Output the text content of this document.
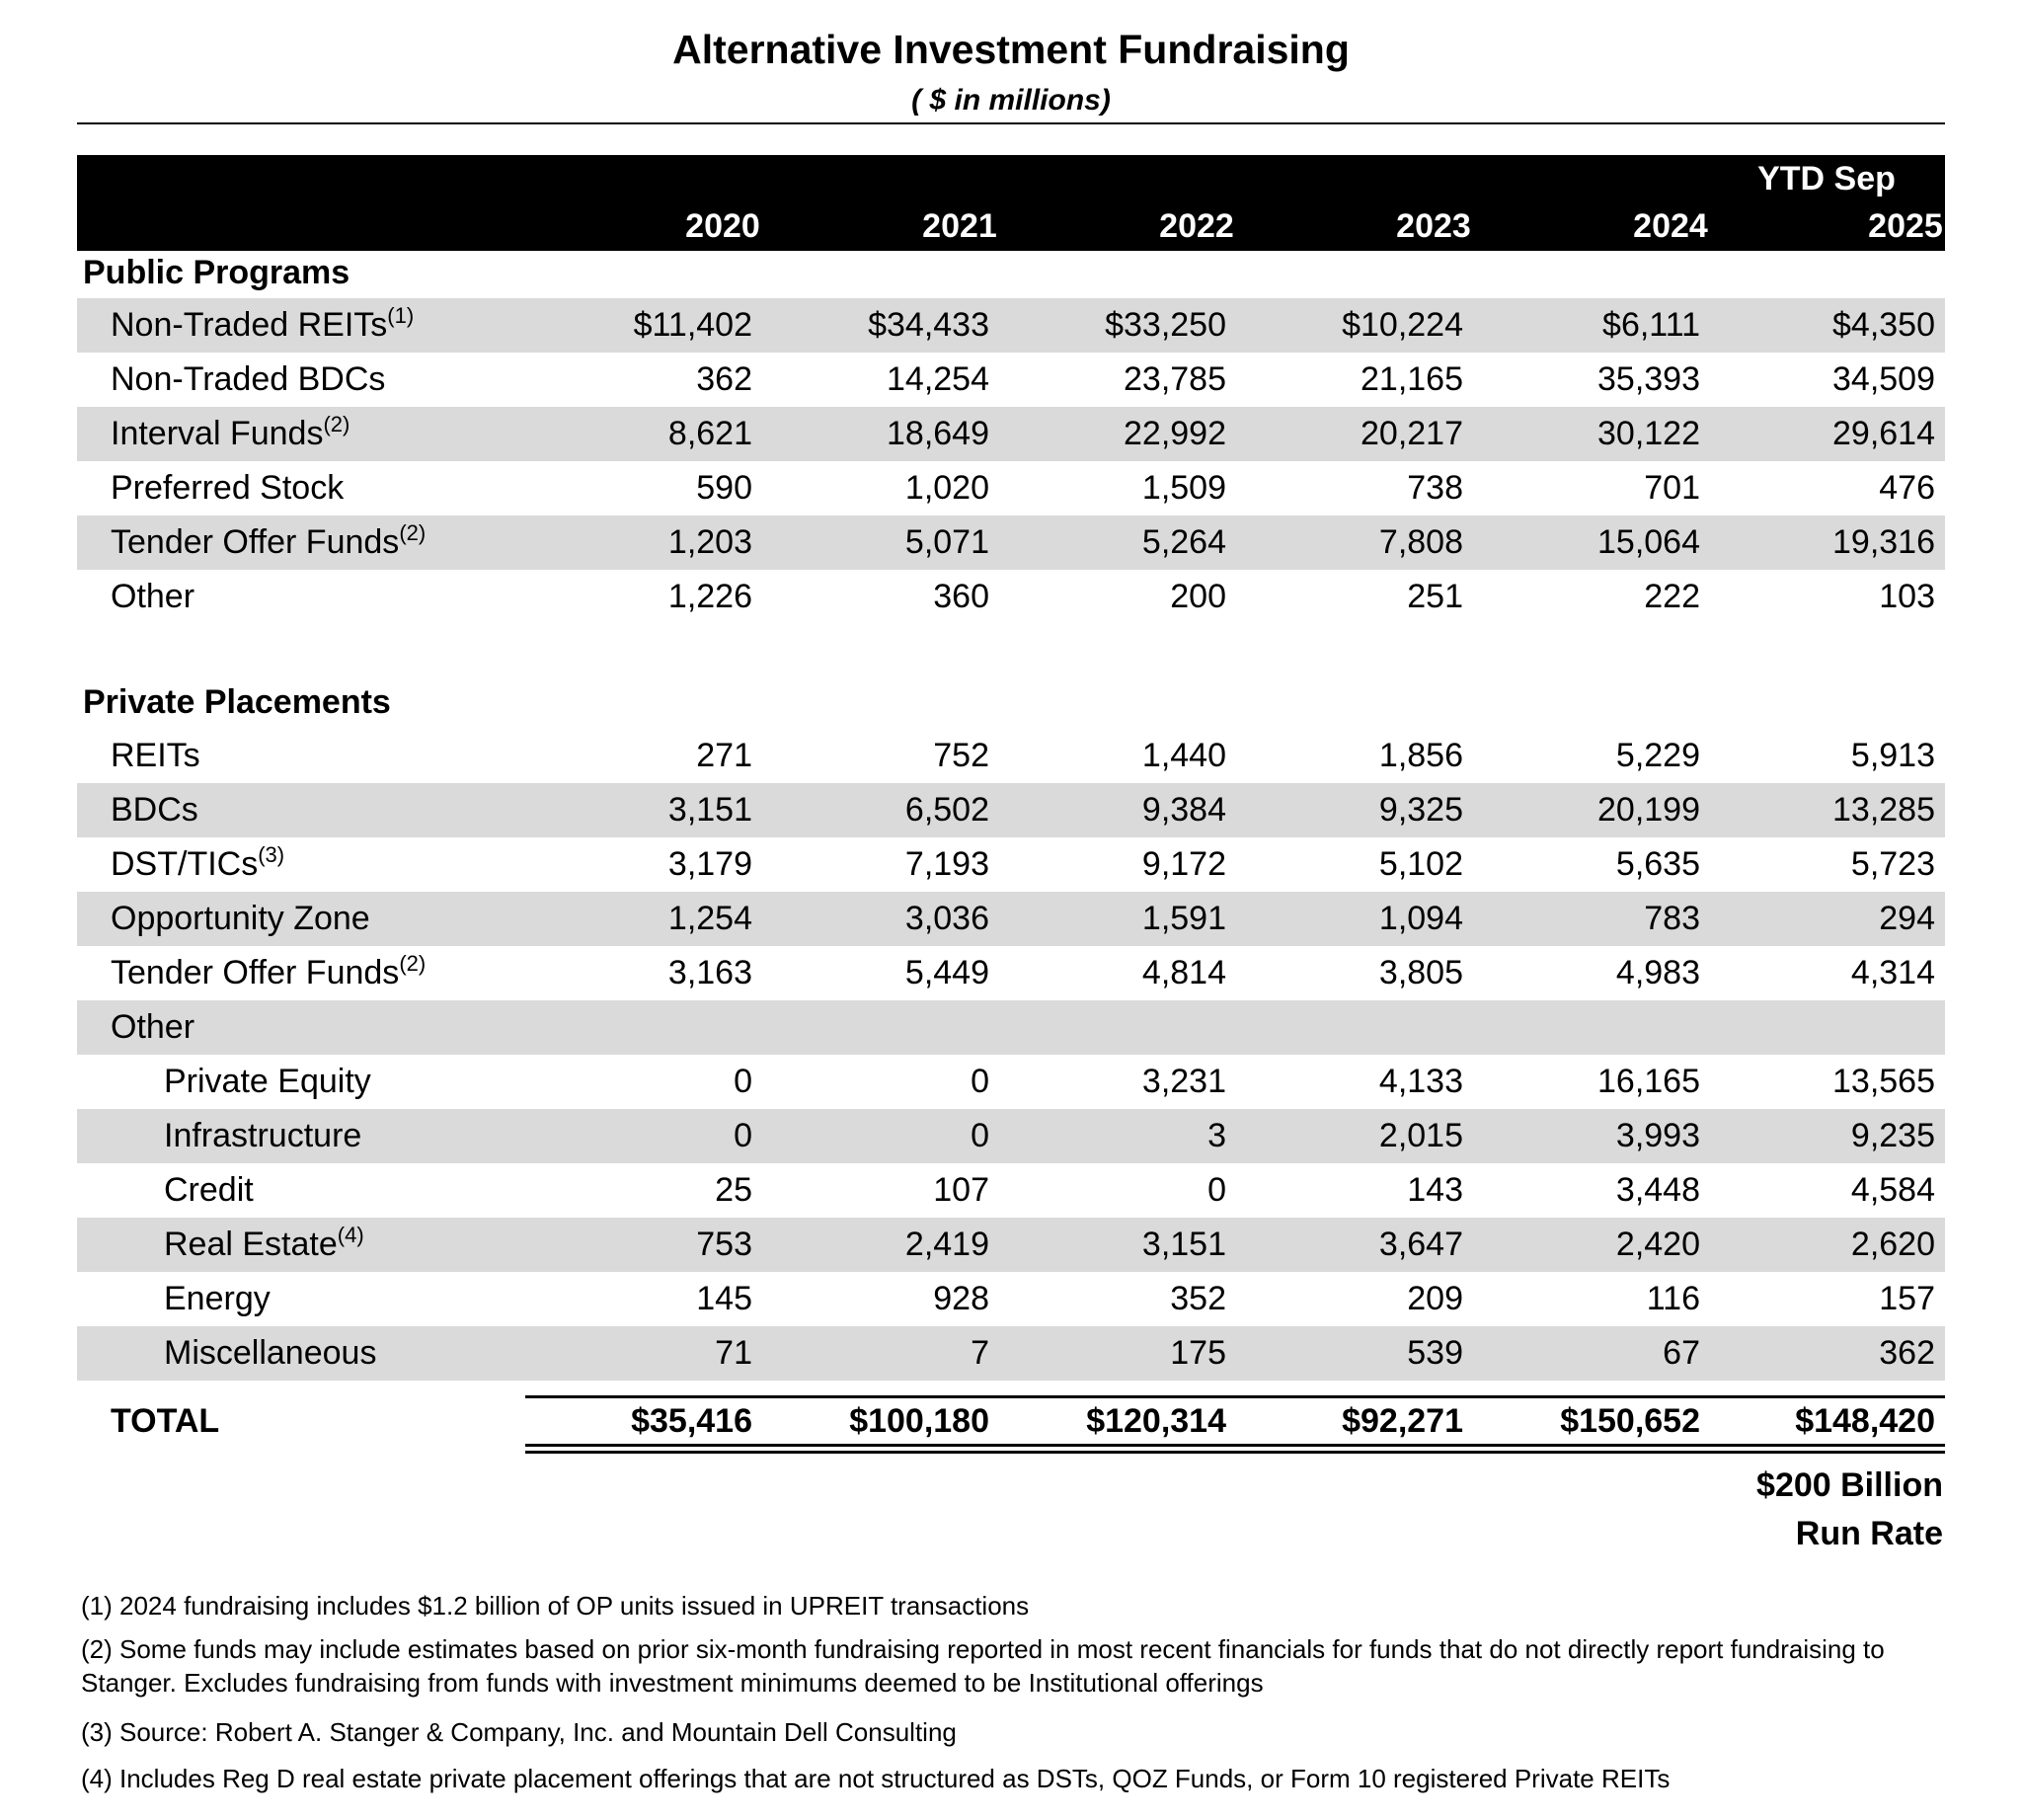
Alternative Investment Fundraising
( $ in millions)
YTD Sep
2020	2021	2022	2023	2024	2025
Public Programs
Non-Traded REITs$^{(1)}$	$11,402	$34,433	$33,250	$10,224	$6,111	$4,350
Non-Traded BDCs	362	14,254	23,785	21,165	35,393	34,509
Interval Funds$^{(2)}$	8,621	18,649	22,992	20,217	30,122	29,614
Preferred Stock	590	1,020	1,509	738	701	476
Tender Offer Funds$^{(2)}$	1,203	5,071	5,264	7,808	15,064	19,316
Other	1,226	360	200	251	222	103
Private Placements
REITs	271	752	1,440	1,856	5,229	5,913
BDCs	3,151	6,502	9,384	9,325	20,199	13,285
DST/TICs$^{(3)}$	3,179	7,193	9,172	5,102	5,635	5,723
Opportunity Zone	1,254	3,036	1,591	1,094	783	294
Tender Offer Funds$^{(2)}$	3,163	5,449	4,814	3,805	4,983	4,314
Other
Private Equity	0	0	3,231	4,133	16,165	13,565
Infrastructure	0	0	3	2,015	3,993	9,235
Credit	25	107	0	143	3,448	4,584
Real Estate$^{(4)}$	753	2,419	3,151	3,647	2,420	2,620
Energy	145	928	352	209	116	157
Miscellaneous	71	7	175	539	67	362
TOTAL	$35,416	$100,180	$120,314	$92,271	$150,652	$148,420
$200 Billion
Run Rate
(1) 2024 fundraising includes $1.2 billion of OP units issued in UPREIT transactions
(2) Some funds may include estimates based on prior six-month fundraising reported in most recent financials for funds that do not directly report fundraising to Stanger. Excludes fundraising from funds with investment minimums deemed to be Institutional offerings
(3) Source: Robert A. Stanger & Company, Inc. and Mountain Dell Consulting
(4) Includes Reg D real estate private placement offerings that are not structured as DSTs, QOZ Funds, or Form 10 registered Private REITs
